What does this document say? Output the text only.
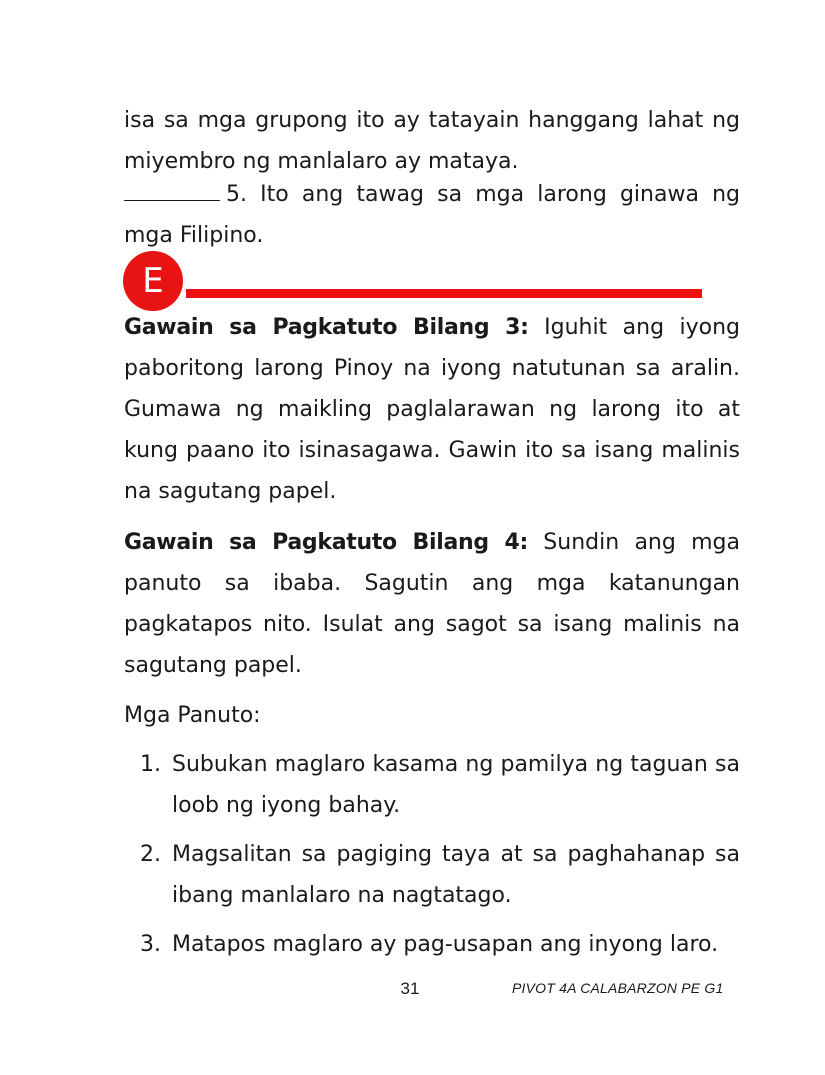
isa sa mga grupong ito ay tatayain hanggang lahat ng miyembro ng manlalaro ay mataya.
5. Ito ang tawag sa mga larong ginawa ng mga Filipino.
E
Gawain sa Pagkatuto Bilang 3: Iguhit ang iyong paboritong larong Pinoy na iyong natutunan sa aralin. Gumawa ng maikling paglalarawan ng larong ito at kung paano ito isinasagawa. Gawin ito sa isang malinis na sagutang papel.
Gawain sa Pagkatuto Bilang 4: Sundin ang mga panuto sa ibaba. Sagutin ang mga katanungan pagkatapos nito. Isulat ang sagot sa isang malinis na sagutang papel.
Mga Panuto:
1. Subukan maglaro kasama ng pamilya ng taguan sa loob ng iyong bahay.
2. Magsalitan sa pagiging taya at sa paghahanap sa ibang manlalaro na nagtatago.
3. Matapos maglaro ay pag-usapan ang inyong laro.
31	PIVOT 4A CALABARZON PE G1
